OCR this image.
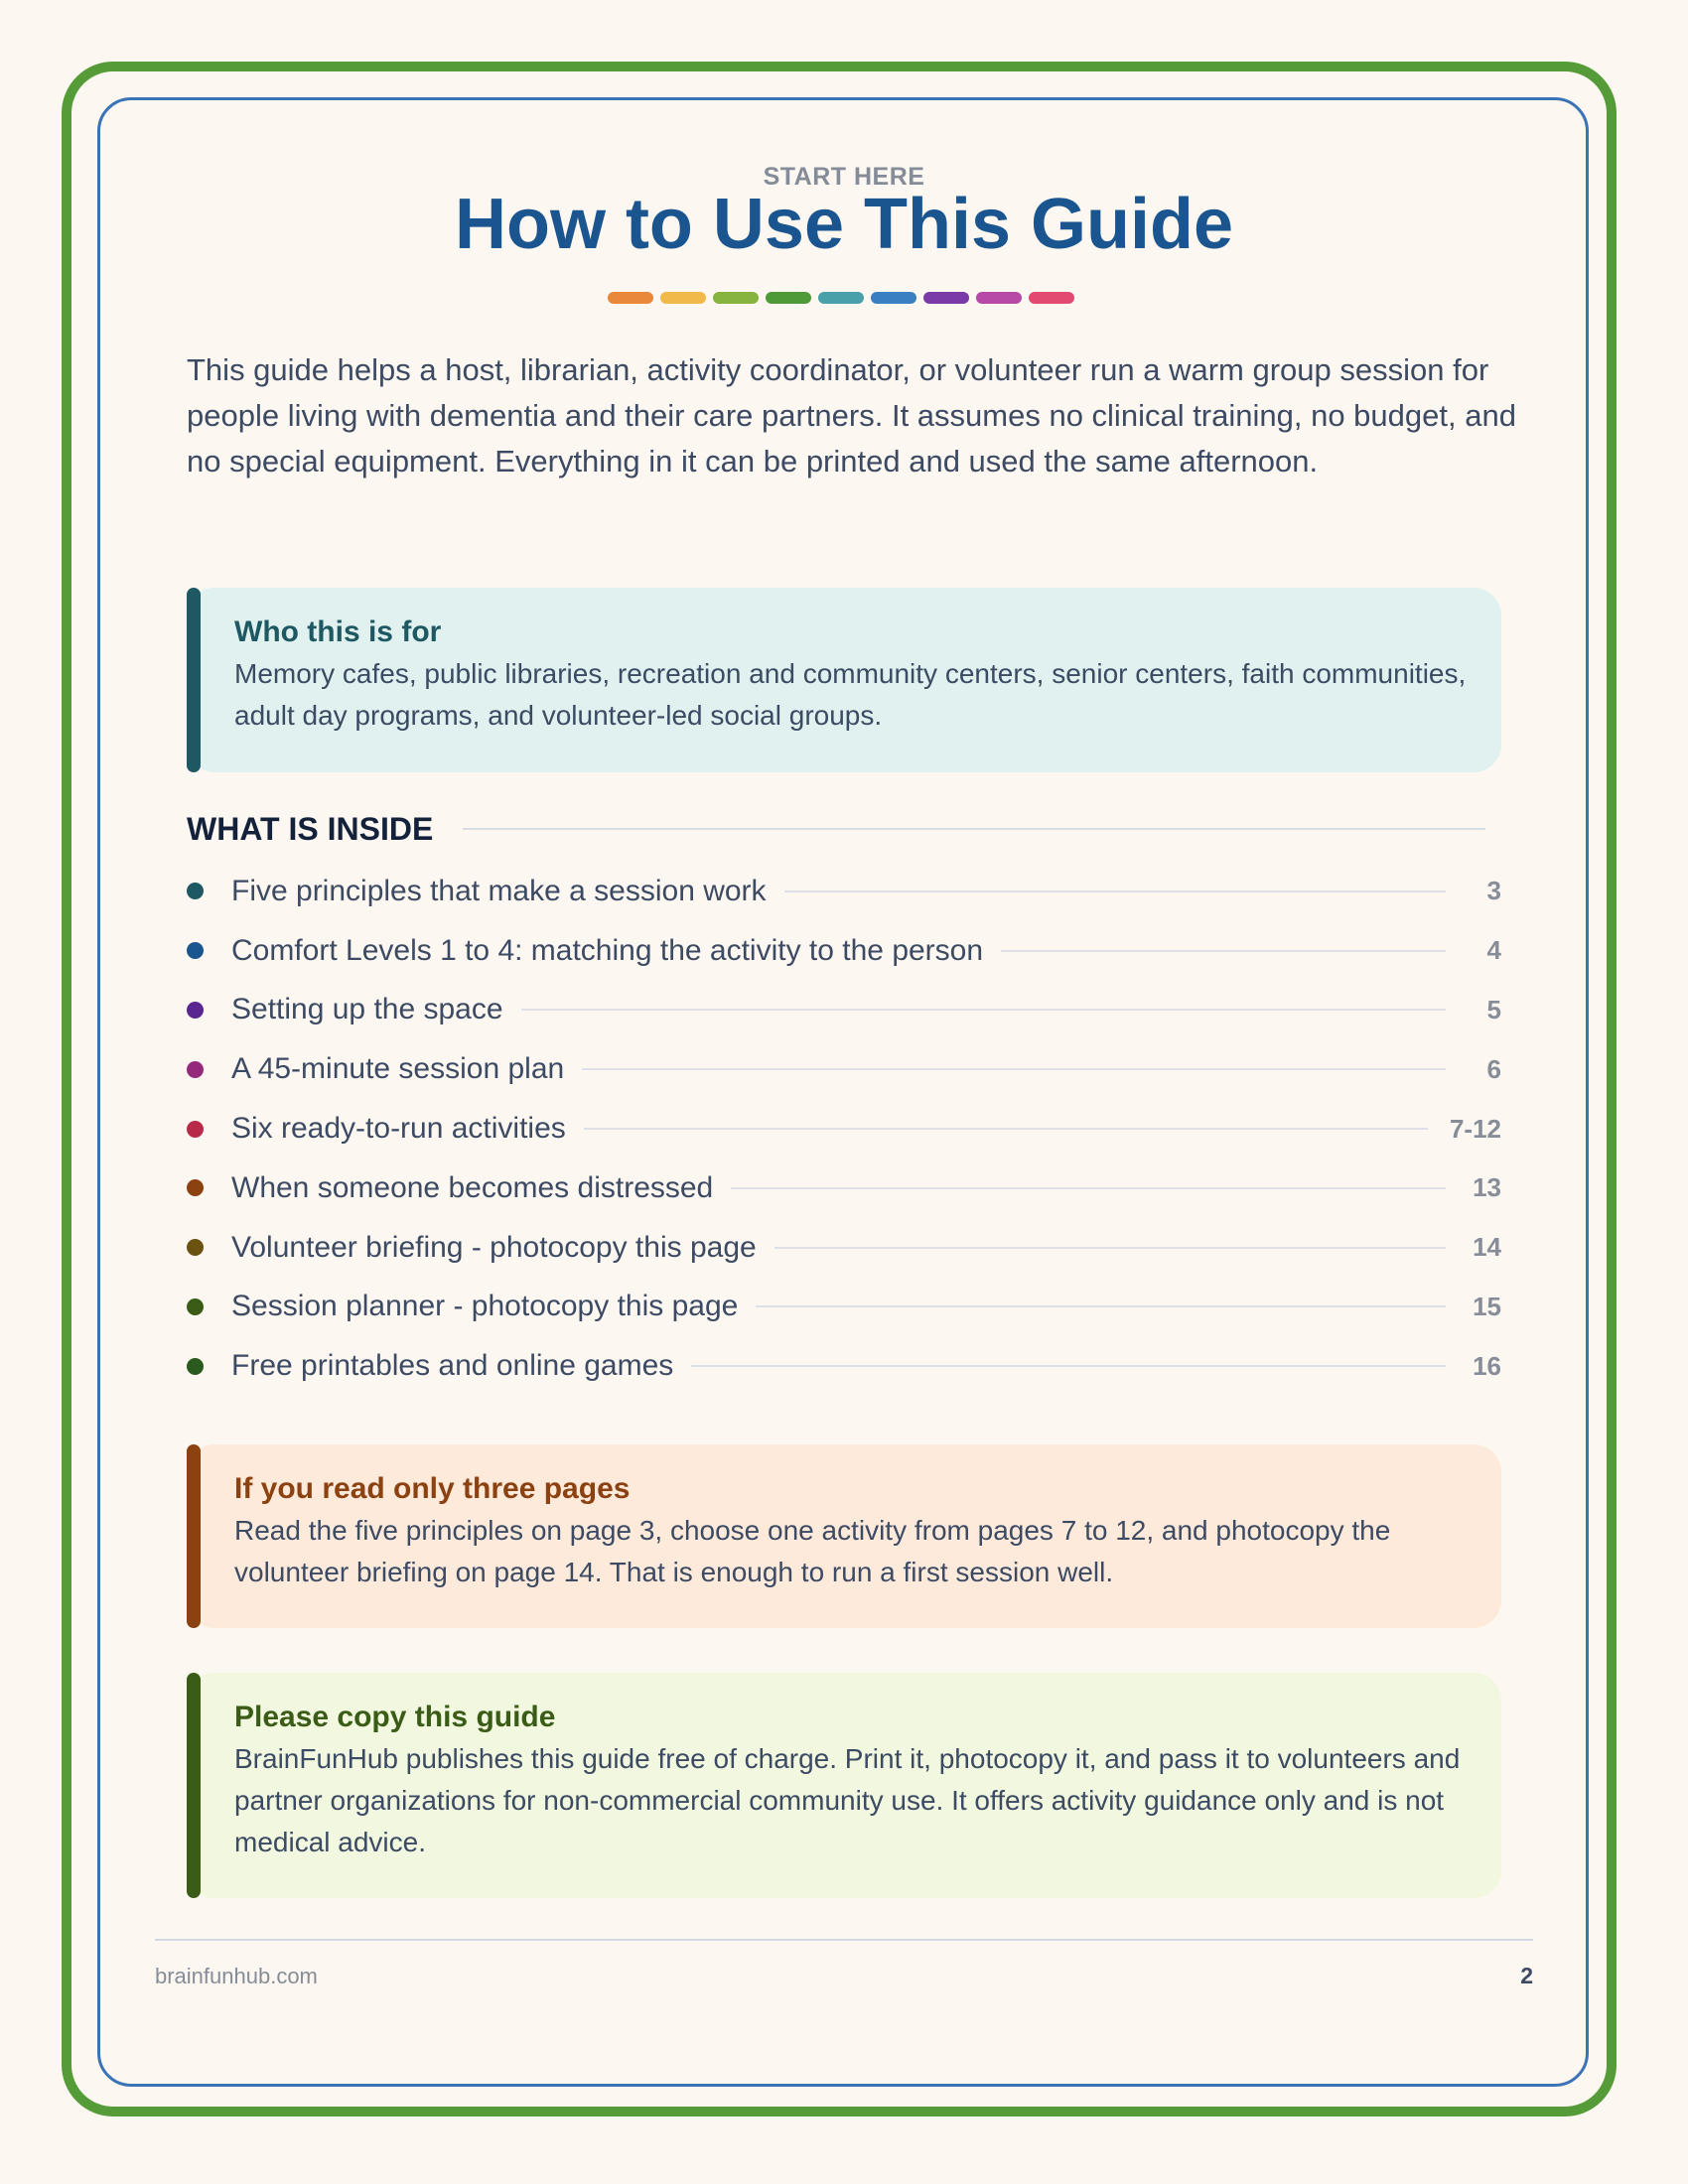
START HERE
How to Use This Guide
This guide helps a host, librarian, activity coordinator, or volunteer run a warm group session for people living with dementia and their care partners. It assumes no clinical training, no budget, and no special equipment. Everything in it can be printed and used the same afternoon.
Who this is for
Memory cafes, public libraries, recreation and community centers, senior centers, faith communities, adult day programs, and volunteer-led social groups.
WHAT IS INSIDE
Five principles that make a session work	3
Comfort Levels 1 to 4: matching the activity to the person	4
Setting up the space	5
A 45-minute session plan	6
Six ready-to-run activities	7-12
When someone becomes distressed	13
Volunteer briefing - photocopy this page	14
Session planner - photocopy this page	15
Free printables and online games	16
If you read only three pages
Read the five principles on page 3, choose one activity from pages 7 to 12, and photocopy the volunteer briefing on page 14. That is enough to run a first session well.
Please copy this guide
BrainFunHub publishes this guide free of charge. Print it, photocopy it, and pass it to volunteers and partner organizations for non-commercial community use. It offers activity guidance only and is not medical advice.
brainfunhub.com	2
